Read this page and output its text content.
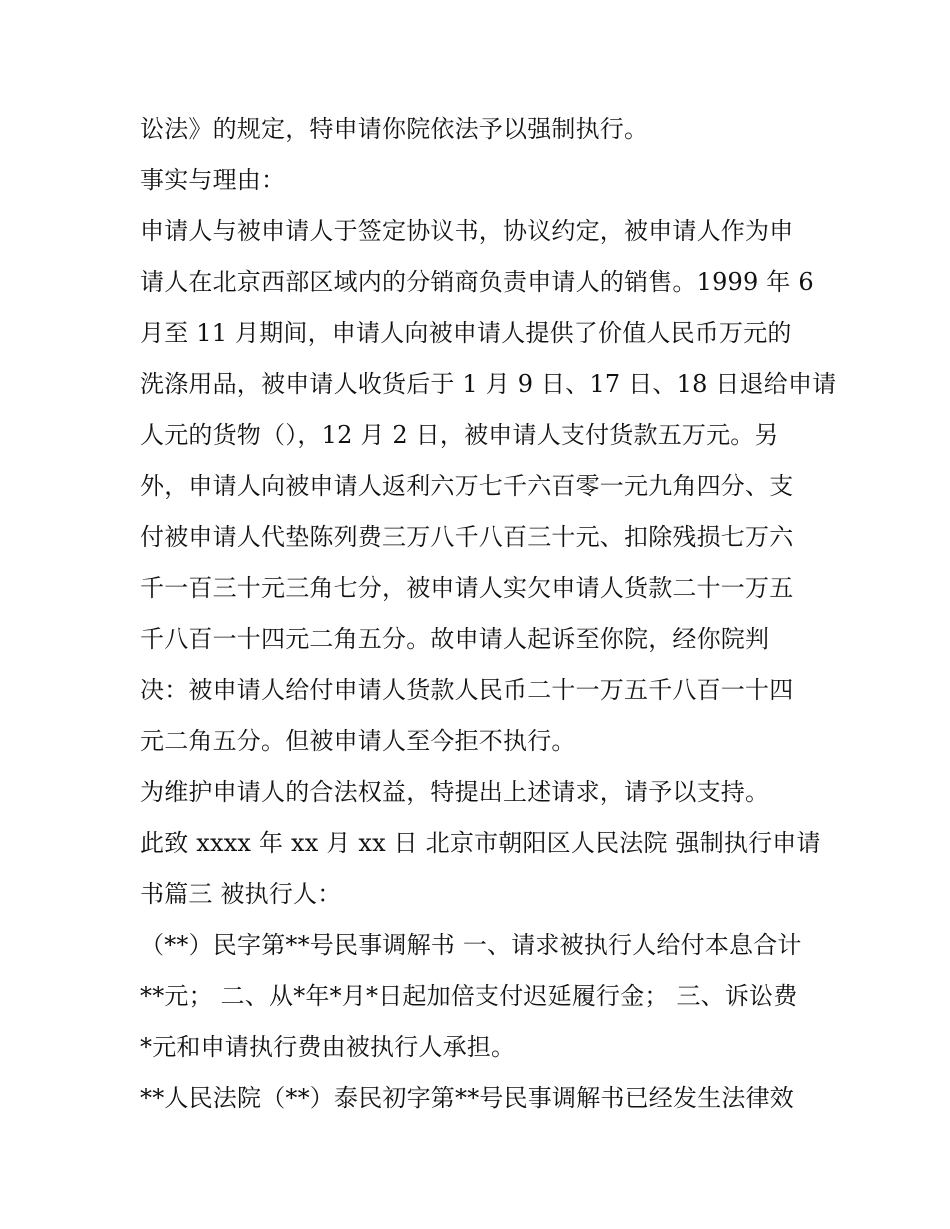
讼法》的规定，特申请你院依法予以强制执行。
事实与理由：
申请人与被申请人于签定协议书，协议约定，被申请人作为申
请人在北京西部区域内的分销商负责申请人的销售。1999 年 6
月至 11 月期间，申请人向被申请人提供了价值人民币万元的
洗涤用品，被申请人收货后于 1 月 9 日、17 日、18 日退给申请
人元的货物（），12 月 2 日，被申请人支付货款五万元。另
外，申请人向被申请人返利六万七千六百零一元九角四分、支
付被申请人代垫陈列费三万八千八百三十元、扣除残损七万六
千一百三十元三角七分，被申请人实欠申请人货款二十一万五
千八百一十四元二角五分。故申请人起诉至你院，经你院判
决：被申请人给付申请人货款人民币二十一万五千八百一十四
元二角五分。但被申请人至今拒不执行。
为维护申请人的合法权益，特提出上述请求，请予以支持。
此致 xxxx 年 xx 月 xx 日 北京市朝阳区人民法院 强制执行申请
书篇三 被执行人：
（**）民字第**号民事调解书 一、请求被执行人给付本息合计
**元； 二、从*年*月*日起加倍支付迟延履行金； 三、诉讼费
*元和申请执行费由被执行人承担。
**人民法院（**）泰民初字第**号民事调解书已经发生法律效
